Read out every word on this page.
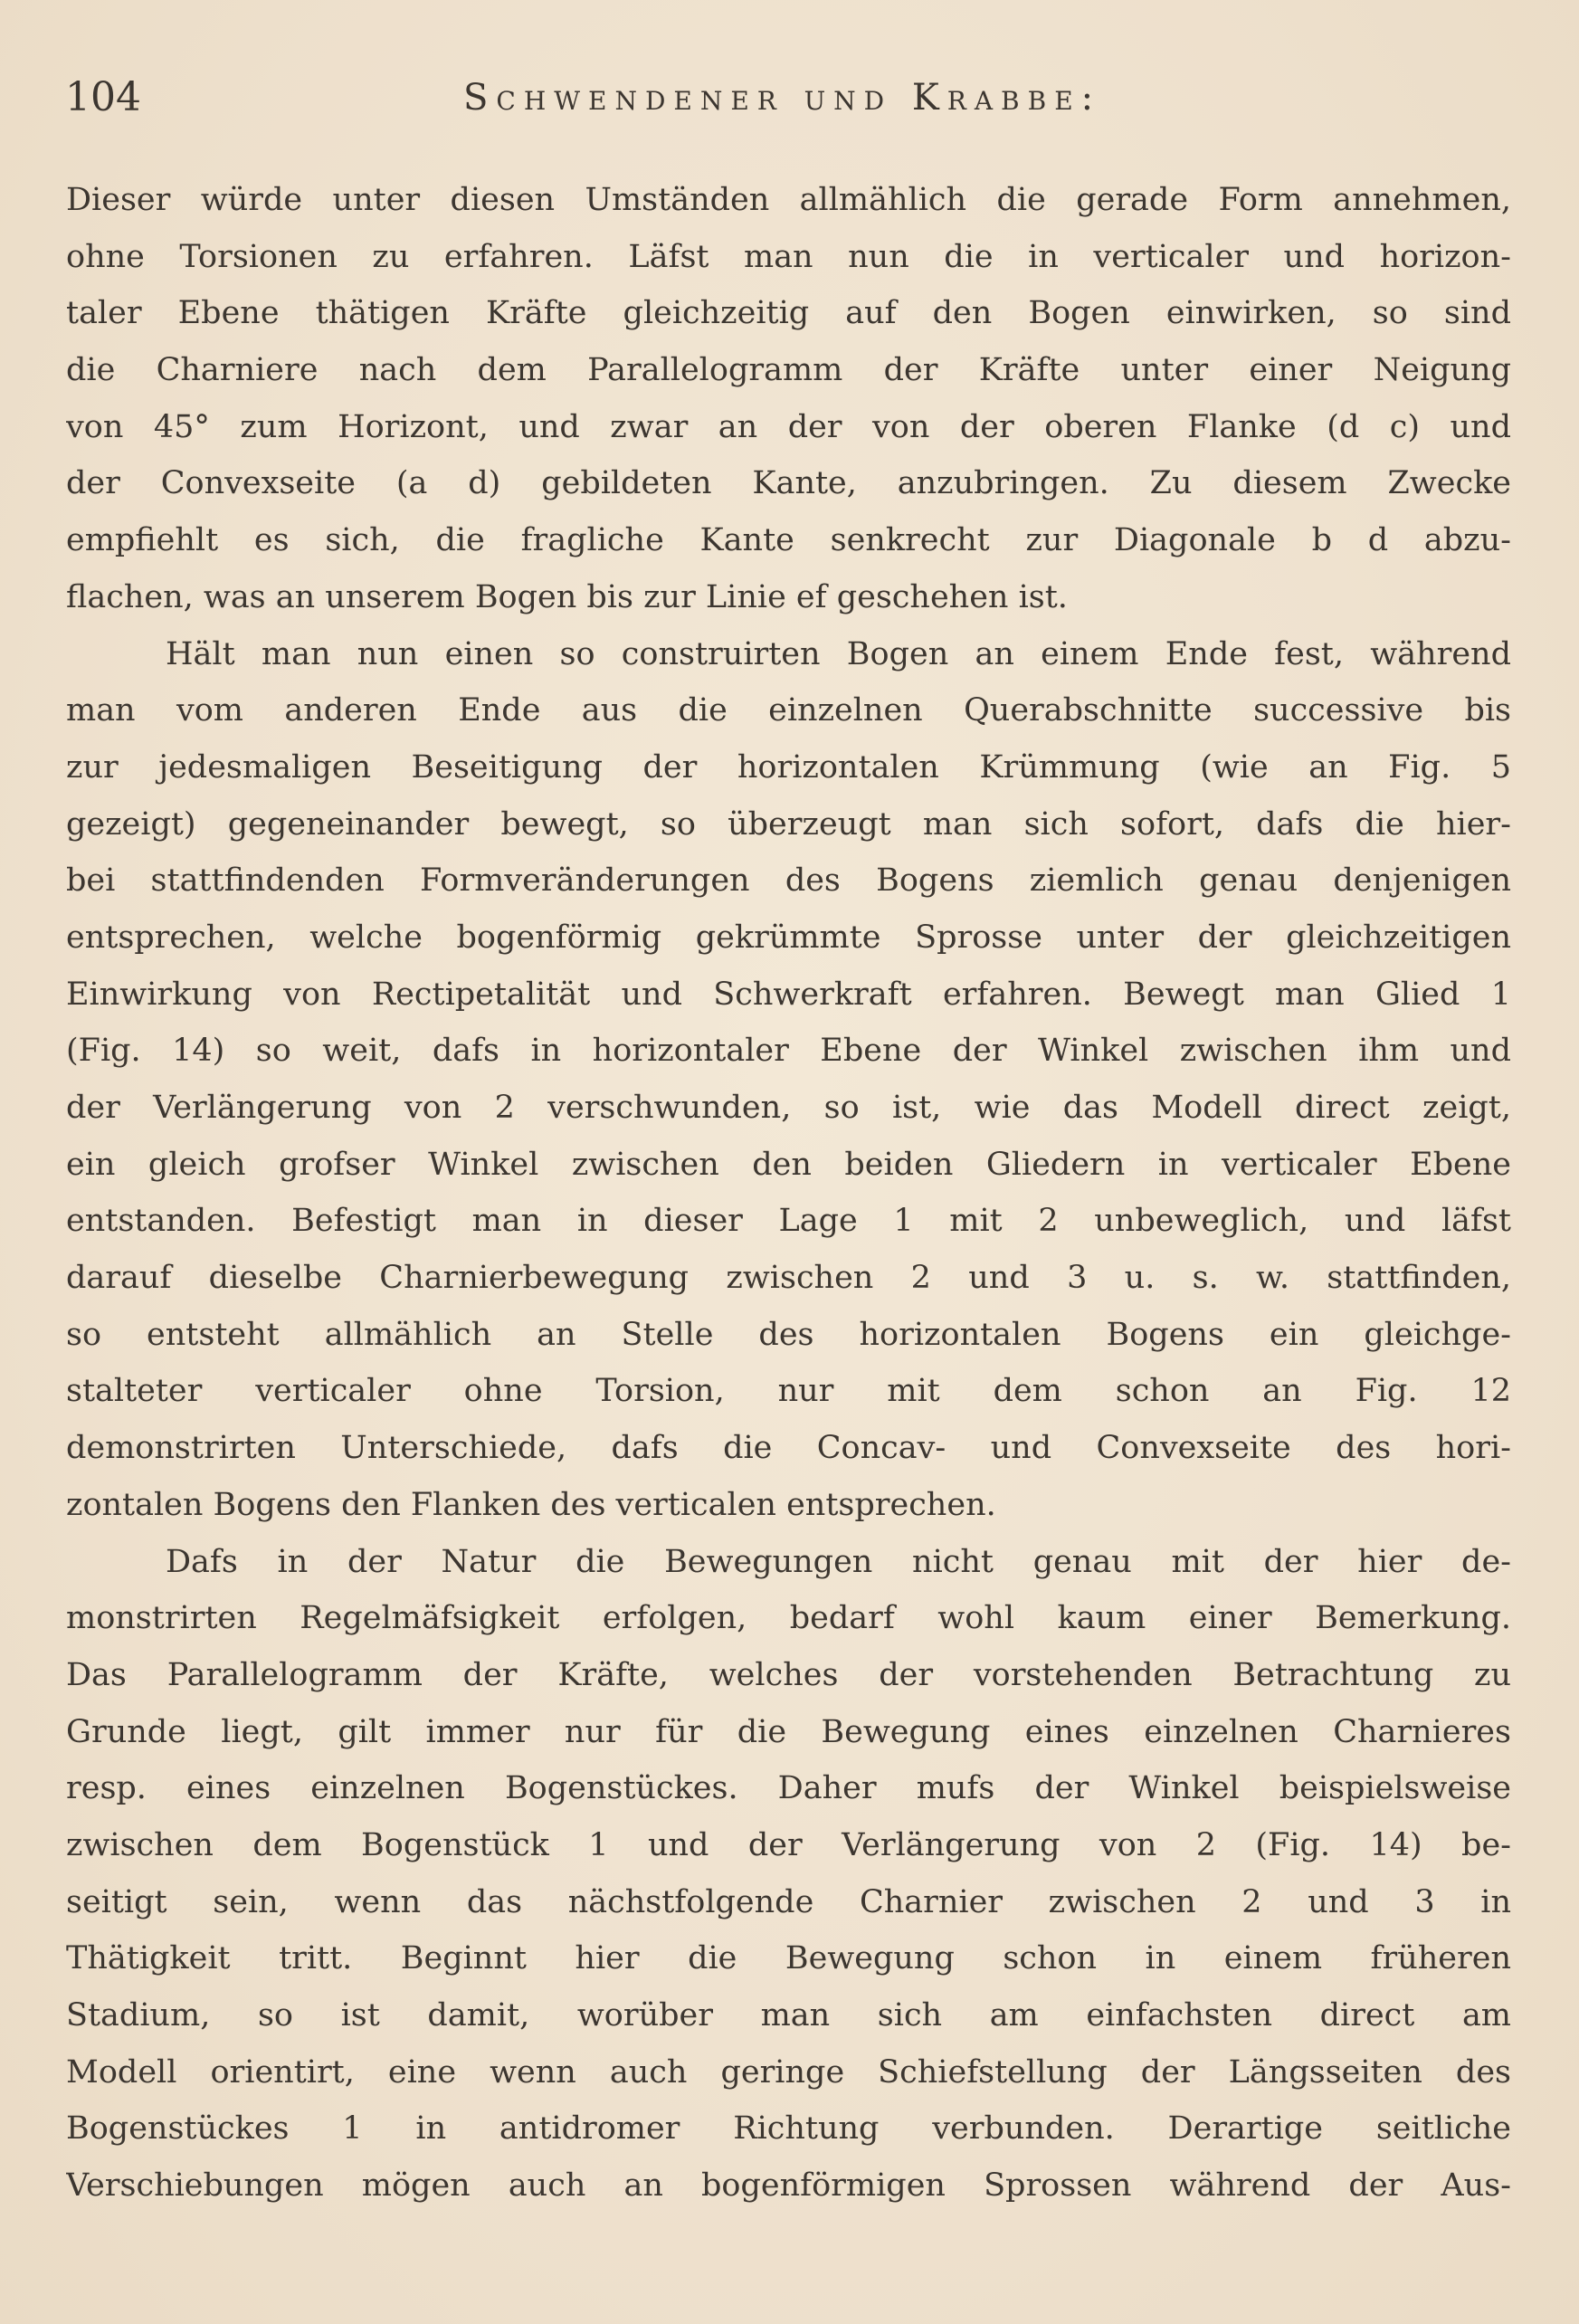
104	Schwendener und Krabbe:
Dieser würde unter diesen Umständen allmählich die gerade Form annehmen,
ohne Torsionen zu erfahren. Läfst man nun die in verticaler und horizon-
taler Ebene thätigen Kräfte gleichzeitig auf den Bogen einwirken, so sind
die Charniere nach dem Parallelogramm der Kräfte unter einer Neigung
von 45° zum Horizont, und zwar an der von der oberen Flanke (d c) und
der Convexseite (a d) gebildeten Kante, anzubringen. Zu diesem Zwecke
empfiehlt es sich, die fragliche Kante senkrecht zur Diagonale b d abzu-
flachen, was an unserem Bogen bis zur Linie ef geschehen ist.
Hält man nun einen so construirten Bogen an einem Ende fest, während
man vom anderen Ende aus die einzelnen Querabschnitte successive bis
zur jedesmaligen Beseitigung der horizontalen Krümmung (wie an Fig. 5
gezeigt) gegeneinander bewegt, so überzeugt man sich sofort, dafs die hier-
bei stattfindenden Formveränderungen des Bogens ziemlich genau denjenigen
entsprechen, welche bogenförmig gekrümmte Sprosse unter der gleichzeitigen
Einwirkung von Rectipetalität und Schwerkraft erfahren. Bewegt man Glied 1
(Fig. 14) so weit, dafs in horizontaler Ebene der Winkel zwischen ihm und
der Verlängerung von 2 verschwunden, so ist, wie das Modell direct zeigt,
ein gleich grofser Winkel zwischen den beiden Gliedern in verticaler Ebene
entstanden. Befestigt man in dieser Lage 1 mit 2 unbeweglich, und läfst
darauf dieselbe Charnierbewegung zwischen 2 und 3 u. s. w. stattfinden,
so entsteht allmählich an Stelle des horizontalen Bogens ein gleichge-
stalteter verticaler ohne Torsion, nur mit dem schon an Fig. 12
demonstrirten Unterschiede, dafs die Concav- und Convexseite des hori-
zontalen Bogens den Flanken des verticalen entsprechen.
Dafs in der Natur die Bewegungen nicht genau mit der hier de-
monstrirten Regelmäfsigkeit erfolgen, bedarf wohl kaum einer Bemerkung.
Das Parallelogramm der Kräfte, welches der vorstehenden Betrachtung zu
Grunde liegt, gilt immer nur für die Bewegung eines einzelnen Charnieres
resp. eines einzelnen Bogenstückes. Daher mufs der Winkel beispielsweise
zwischen dem Bogenstück 1 und der Verlängerung von 2 (Fig. 14) be-
seitigt sein, wenn das nächstfolgende Charnier zwischen 2 und 3 in
Thätigkeit tritt. Beginnt hier die Bewegung schon in einem früheren
Stadium, so ist damit, worüber man sich am einfachsten direct am
Modell orientirt, eine wenn auch geringe Schiefstellung der Längsseiten des
Bogenstückes 1 in antidromer Richtung verbunden. Derartige seitliche
Verschiebungen mögen auch an bogenförmigen Sprossen während der Aus-
